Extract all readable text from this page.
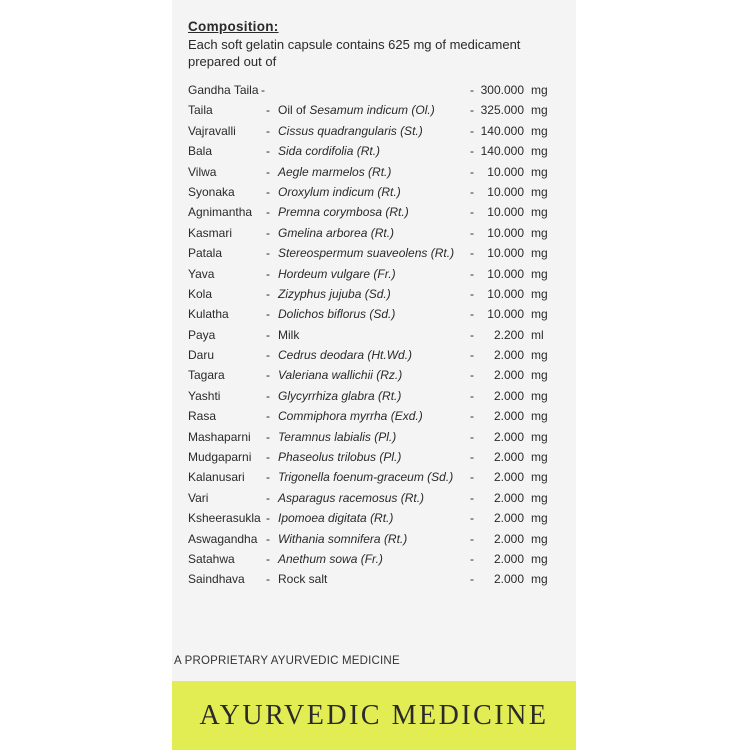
Composition:

Each soft gelatin capsule contains 625 mg of medicament prepared out of

Gandha Taila -	- 300.000 mg
Taila	- Oil of Sesamum indicum (Ol.)	- 325.000 mg
Vajravalli	- Cissus quadrangularis (St.)	- 140.000 mg
Bala	- Sida cordifolia (Rt.)	- 140.000 mg
Vilwa	- Aegle marmelos (Rt.)	-	10.000 mg
Syonaka	- Oroxylum indicum (Rt.)	-	10.000 mg
Agnimantha - Premna corymbosa (Rt.)	-	10.000 mg
Kasmari	- Gmelina arborea (Rt.)	-	10.000 mg
Patala	- Stereospermum suaveolens (Rt.) -	10.000 mg
Yava	- Hordeum vulgare (Fr.)	-	10.000 mg
Kola	- Zizyphus jujuba (Sd.)	-	10.000 mg
Kulatha	- Dolichos biflorus (Sd.)	-	10.000 mg
Paya	- Milk	-	2.200 ml
Daru	- Cedrus deodara (Ht.Wd.)	-	2.000 mg
Tagara	- Valeriana wallichii (Rz.)	-	2.000 mg
Yashti	- Glycyrrhiza glabra (Rt.)	-	2.000 mg
Rasa	- Commiphora myrrha (Exd.)	-	2.000 mg
Mashaparni - Teramnus labialis (Pl.)	-	2.000 mg
Mudgaparni - Phaseolus trilobus (Pl.)	-	2.000 mg
Kalanusari - Trigonella foenum-graceum (Sd.) -	2.000 mg
Vari	- Asparagus racemosus (Rt.)	-	2.000 mg
Ksheerasukla - Ipomoea digitata (Rt.)	-	2.000 mg
Aswagandha - Withania somnifera (Rt.)	-	2.000 mg
Satahwa	- Anethum sowa (Fr.)	-	2.000 mg
Saindhava - Rock salt	-	2.000 mg
A PROPRIETARY AYURVEDIC MEDICINE
AYURVEDIC MEDICINE
